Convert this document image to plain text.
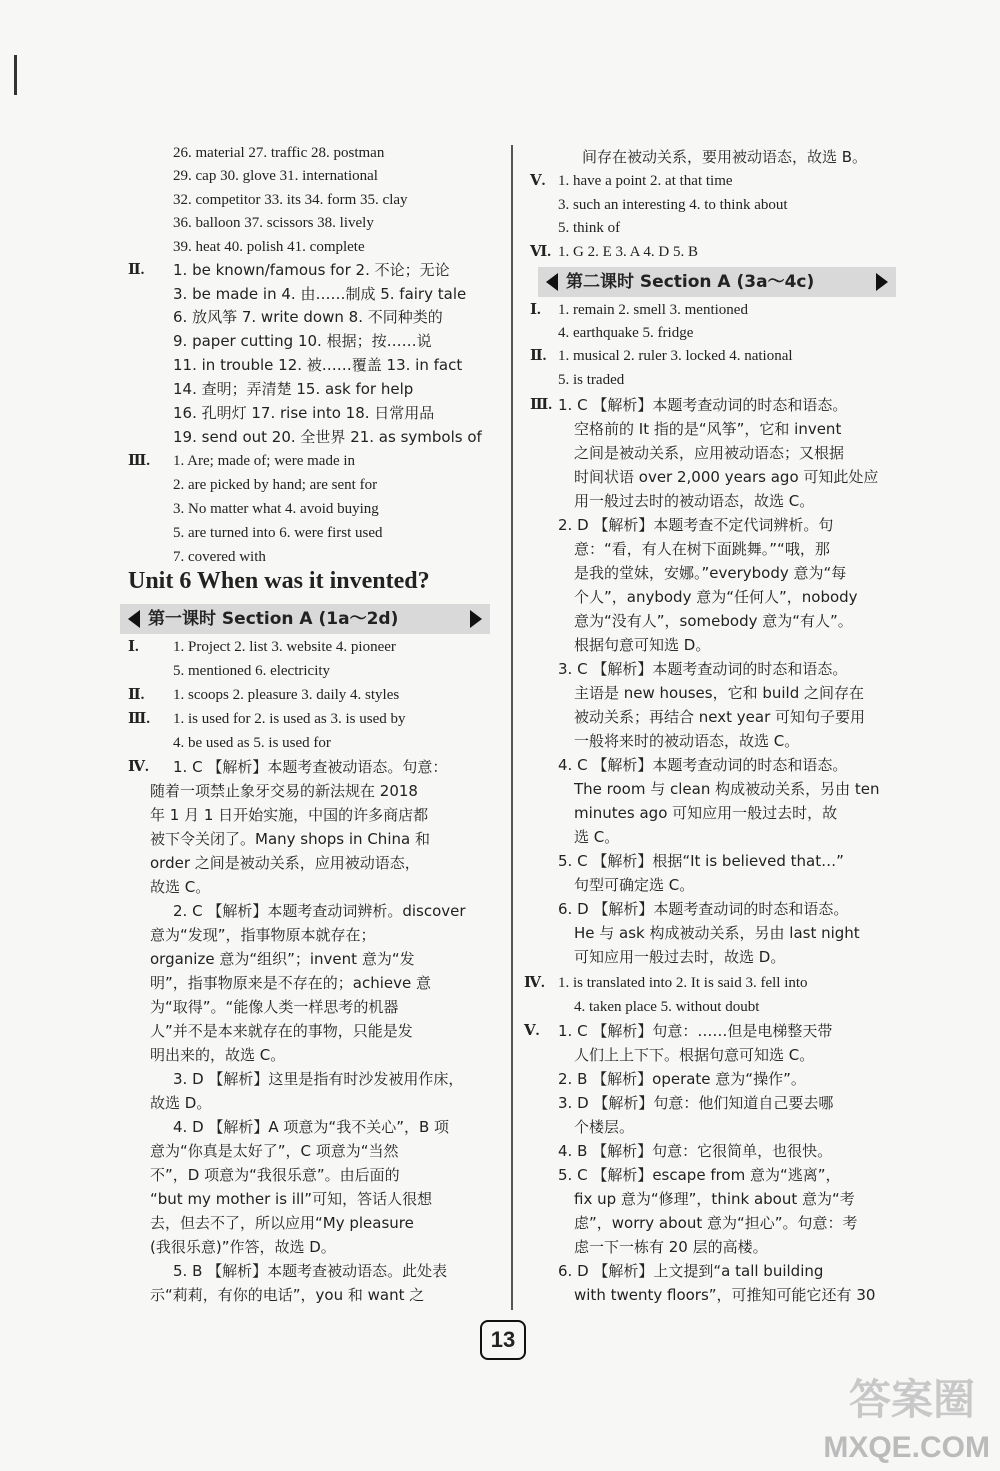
26. material 27. traffic 28. postman
29. cap 30. glove 31. international
32. competitor 33. its 34. form 35. clay
36. balloon 37. scissors 38. lively
39. heat 40. polish 41. complete
Ⅱ. 1. be known/famous for 2. 不论；无论
3. be made in 4. 由……制成 5. fairy tale
6. 放风筝 7. write down 8. 不同种类的
9. paper cutting 10. 根据；按……说
11. in trouble 12. 被……覆盖 13. in fact
14. 查明；弄清楚 15. ask for help
16. 孔明灯 17. rise into 18. 日常用品
19. send out 20. 全世界 21. as symbols of
Ⅲ. 1. Are; made of; were made in
2. are picked by hand; are sent for
3. No matter what 4. avoid buying
5. are turned into 6. were first used
7. covered with
Unit 6 When was it invented?
第一课时 Section A (1a～2d)
Ⅰ. 1. Project 2. list 3. website 4. pioneer
5. mentioned 6. electricity
Ⅱ. 1. scoops 2. pleasure 3. daily 4. styles
Ⅲ. 1. is used for 2. is used as 3. is used by
4. be used as 5. is used for
Ⅳ. 1. C 【解析】本题考查被动语态。句意：
随着一项禁止象牙交易的新法规在 2018
年 1 月 1 日开始实施，中国的许多商店都
被下令关闭了。Many shops in China 和
order 之间是被动关系，应用被动语态，
故选 C。
2. C 【解析】本题考查动词辨析。discover
意为“发现”，指事物原本就存在；
organize 意为“组织”；invent 意为“发
明”，指事物原来是不存在的；achieve 意
为“取得”。“能像人类一样思考的机器
人”并不是本来就存在的事物，只能是发
明出来的，故选 C。
3. D 【解析】这里是指有时沙发被用作床，
故选 D。
4. D 【解析】A 项意为“我不关心”，B 项
意为“你真是太好了”，C 项意为“当然
不”，D 项意为“我很乐意”。由后面的
“but my mother is ill”可知，答话人很想
去，但去不了，所以应用“My pleasure
(我很乐意)”作答，故选 D。
5. B 【解析】本题考查被动语态。此处表
示“莉莉，有你的电话”，you 和 want 之
间存在被动关系，要用被动语态，故选 B。
Ⅴ. 1. have a point 2. at that time
3. such an interesting 4. to think about
5. think of
Ⅵ. 1. G 2. E 3. A 4. D 5. B
第二课时 Section A (3a～4c)
Ⅰ. 1. remain 2. smell 3. mentioned
4. earthquake 5. fridge
Ⅱ. 1. musical 2. ruler 3. locked 4. national
5. is traded
Ⅲ. 1. C 【解析】本题考查动词的时态和语态。
空格前的 It 指的是“风筝”，它和 invent
之间是被动关系，应用被动语态；又根据
时间状语 over 2,000 years ago 可知此处应
用一般过去时的被动语态，故选 C。
2. D 【解析】本题考查不定代词辨析。句
意：“看，有人在树下面跳舞。”“哦，那
是我的堂妹，安娜。”everybody 意为“每
个人”，anybody 意为“任何人”，nobody
意为“没有人”，somebody 意为“有人”。
根据句意可知选 D。
3. C 【解析】本题考查动词的时态和语态。
主语是 new houses，它和 build 之间存在
被动关系；再结合 next year 可知句子要用
一般将来时的被动语态，故选 C。
4. C 【解析】本题考查动词的时态和语态。
The room 与 clean 构成被动关系，另由 ten
minutes ago 可知应用一般过去时，故
选 C。
5. C 【解析】根据“It is believed that…”
句型可确定选 C。
6. D 【解析】本题考查动词的时态和语态。
He 与 ask 构成被动关系，另由 last night
可知应用一般过去时，故选 D。
Ⅳ. 1. is translated into 2. It is said 3. fell into
4. taken place 5. without doubt
Ⅴ. 1. C 【解析】句意：……但是电梯整天带
人们上上下下。根据句意可知选 C。
2. B 【解析】operate 意为“操作”。
3. D 【解析】句意：他们知道自己要去哪
个楼层。
4. B 【解析】句意：它很简单，也很快。
5. C 【解析】escape from 意为“逃离”，
fix up 意为“修理”，think about 意为“考
虑”，worry about 意为“担心”。句意：考
虑一下一栋有 20 层的高楼。
6. D 【解析】上文提到“a tall building
with twenty floors”，可推知可能它还有 30
13
答案圈
MXQE.COM
